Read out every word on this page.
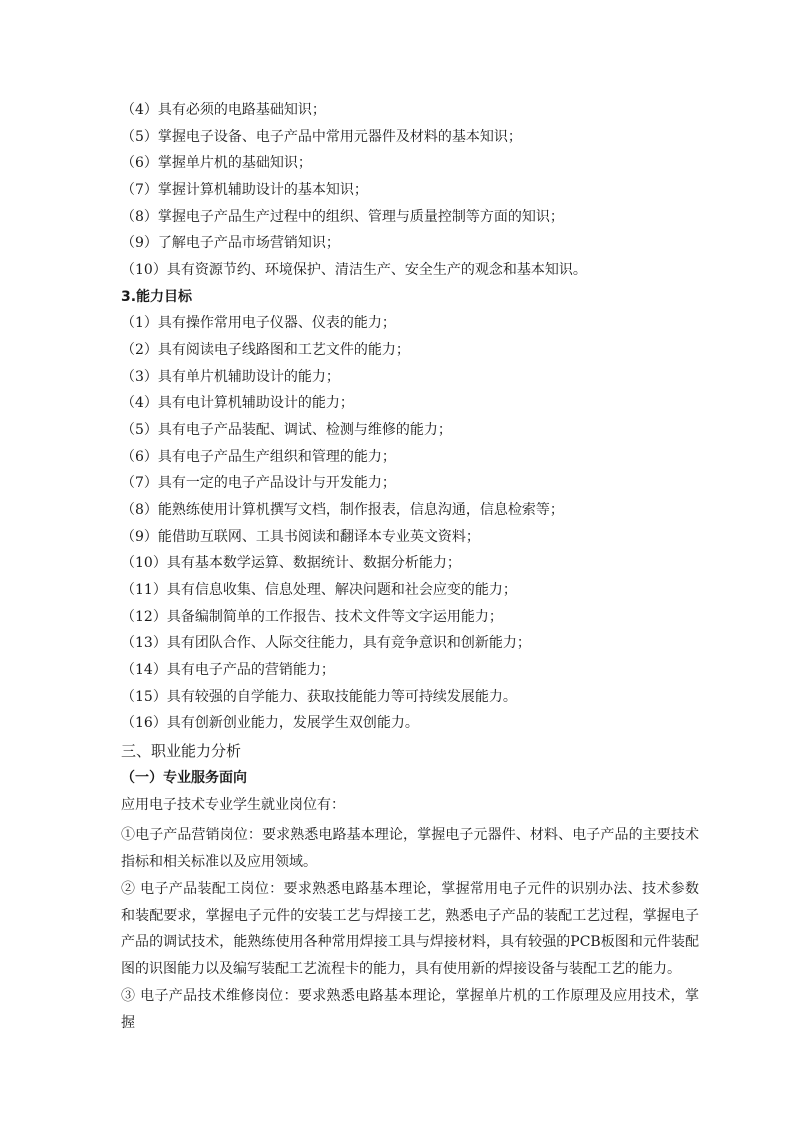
（4）具有必须的电路基础知识；
（5）掌握电子设备、电子产品中常用元器件及材料的基本知识；
（6）掌握单片机的基础知识；
（7）掌握计算机辅助设计的基本知识；
（8）掌握电子产品生产过程中的组织、管理与质量控制等方面的知识；
（9）了解电子产品市场营销知识；
（10）具有资源节约、环境保护、清洁生产、安全生产的观念和基本知识。
3.能力目标
（1）具有操作常用电子仪器、仪表的能力；
（2）具有阅读电子线路图和工艺文件的能力；
（3）具有单片机辅助设计的能力；
（4）具有电计算机辅助设计的能力；
（5）具有电子产品装配、调试、检测与维修的能力；
（6）具有电子产品生产组织和管理的能力；
（7）具有一定的电子产品设计与开发能力；
（8）能熟练使用计算机撰写文档，制作报表，信息沟通，信息检索等；
（9）能借助互联网、工具书阅读和翻译本专业英文资料；
（10）具有基本数学运算、数据统计、数据分析能力；
（11）具有信息收集、信息处理、解决问题和社会应变的能力；
（12）具备编制简单的工作报告、技术文件等文字运用能力；
（13）具有团队合作、人际交往能力，具有竞争意识和创新能力；
（14）具有电子产品的营销能力；
（15）具有较强的自学能力、获取技能能力等可持续发展能力。
（16）具有创新创业能力，发展学生双创能力。
三、职业能力分析
（一）专业服务面向
应用电子技术专业学生就业岗位有：
①电子产品营销岗位：要求熟悉电路基本理论，掌握电子元器件、材料、电子产品的主要技术指标和相关标准以及应用领域。
② 电子产品装配工岗位：要求熟悉电路基本理论，掌握常用电子元件的识别办法、技术参数和装配要求，掌握电子元件的安装工艺与焊接工艺，熟悉电子产品的装配工艺过程，掌握电子产品的调试技术，能熟练使用各种常用焊接工具与焊接材料，具有较强的PCB板图和元件装配图的识图能力以及编写装配工艺流程卡的能力，具有使用新的焊接设备与装配工艺的能力。
③ 电子产品技术维修岗位：要求熟悉电路基本理论，掌握单片机的工作原理及应用技术，掌握
